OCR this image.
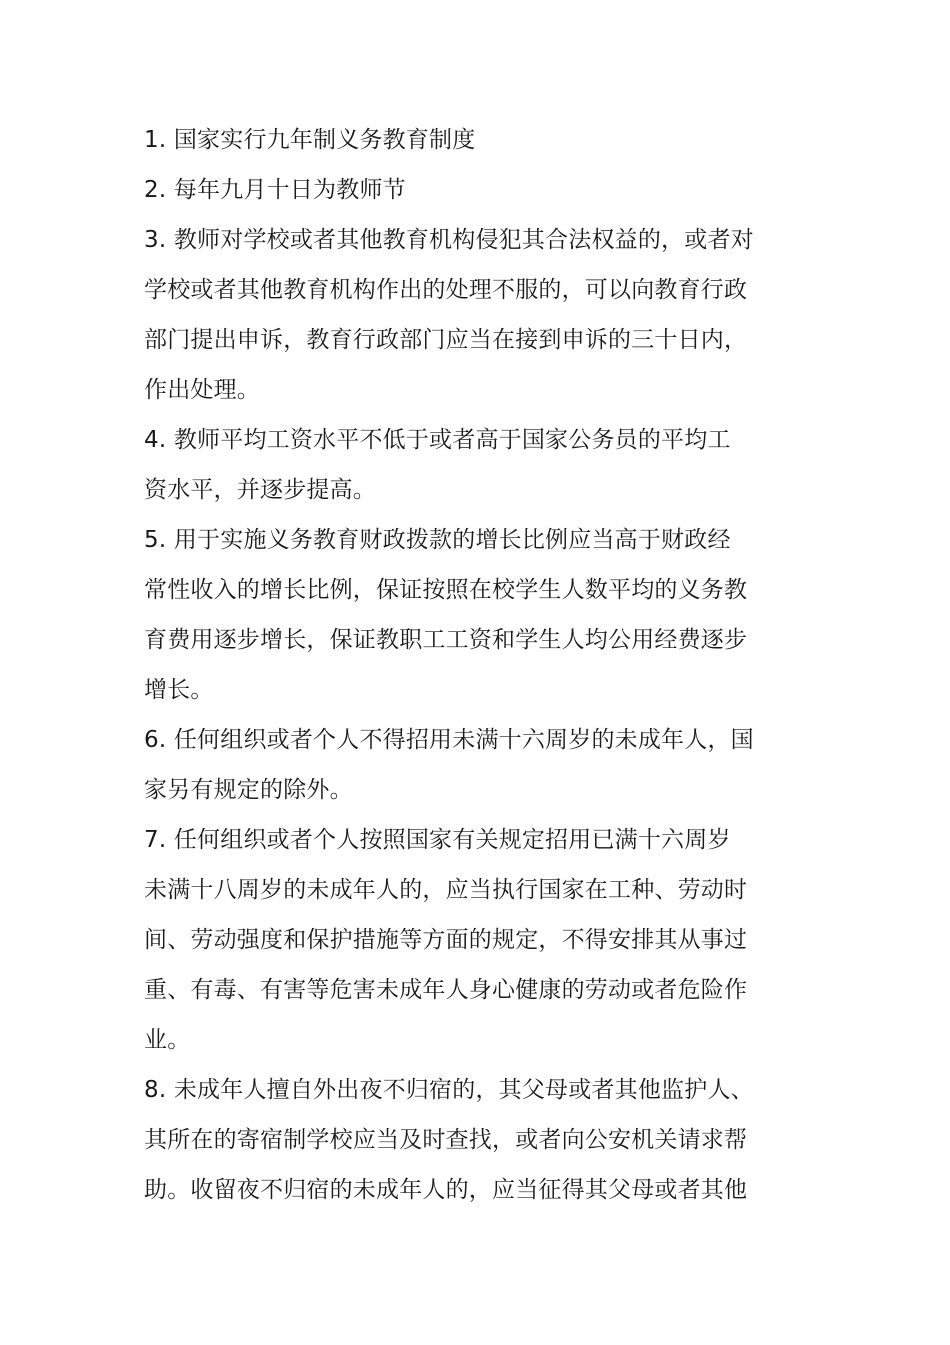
1. 国家实行九年制义务教育制度
2. 每年九月十日为教师节
3. 教师对学校或者其他教育机构侵犯其合法权益的，或者对
学校或者其他教育机构作出的处理不服的，可以向教育行政
部门提出申诉，教育行政部门应当在接到申诉的三十日内，
作出处理。
4. 教师平均工资水平不低于或者高于国家公务员的平均工
资水平，并逐步提高。
5. 用于实施义务教育财政拨款的增长比例应当高于财政经
常性收入的增长比例，保证按照在校学生人数平均的义务教
育费用逐步增长，保证教职工工资和学生人均公用经费逐步
增长。
6. 任何组织或者个人不得招用未满十六周岁的未成年人，国
家另有规定的除外。
7. 任何组织或者个人按照国家有关规定招用已满十六周岁
未满十八周岁的未成年人的，应当执行国家在工种、劳动时
间、劳动强度和保护措施等方面的规定，不得安排其从事过
重、有毒、有害等危害未成年人身心健康的劳动或者危险作
业。
8. 未成年人擅自外出夜不归宿的，其父母或者其他监护人、
其所在的寄宿制学校应当及时查找，或者向公安机关请求帮
助。收留夜不归宿的未成年人的，应当征得其父母或者其他
